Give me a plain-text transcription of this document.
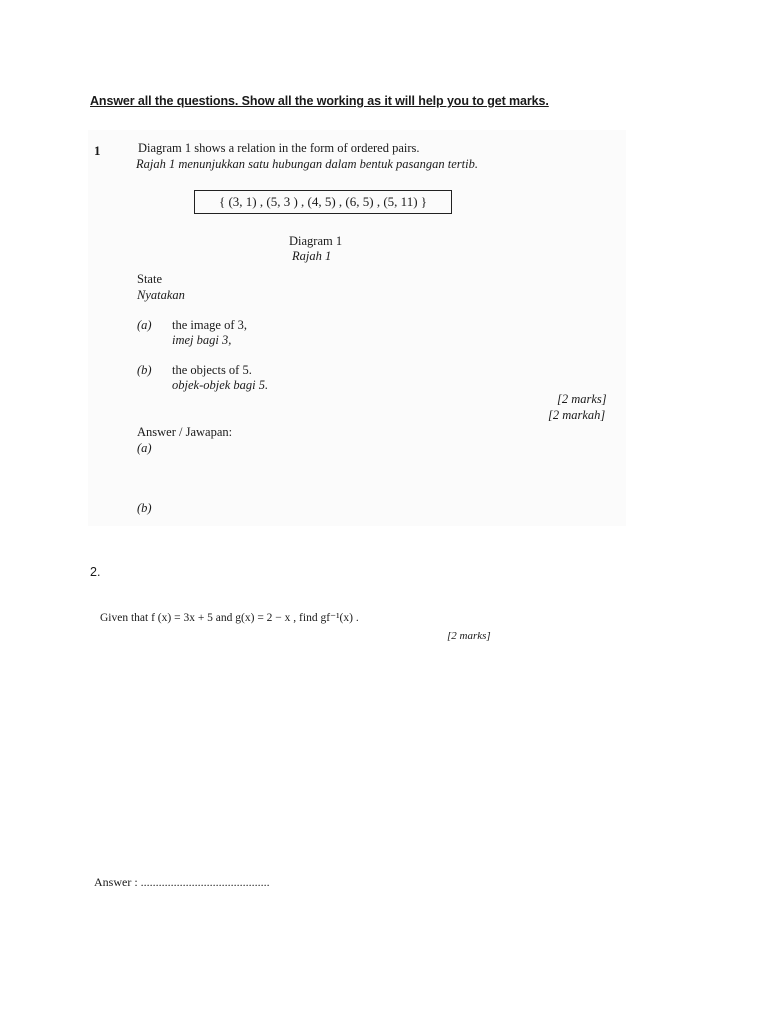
Answer all the questions. Show all the working as it will help you to get marks.
1	Diagram 1 shows a relation in the form of ordered pairs.
Rajah 1 menunjukkan satu hubungan dalam bentuk pasangan tertib.
{ (3, 1) , (5, 3 ) , (4, 5) , (6, 5) , (5, 11) }
Diagram 1
Rajah 1
State
Nyatakan
(a) the image of 3,
imej bagi 3,
(b) the objects of 5.
objek-objek bagi 5.
[2 marks]
[2 markah]
Answer / Jawapan:
(a)
(b)
2.
Given that f (x) = 3x + 5 and g(x) = 2 − x , find gf⁻¹(x) .
[2 marks]
Answer : ...........................................
